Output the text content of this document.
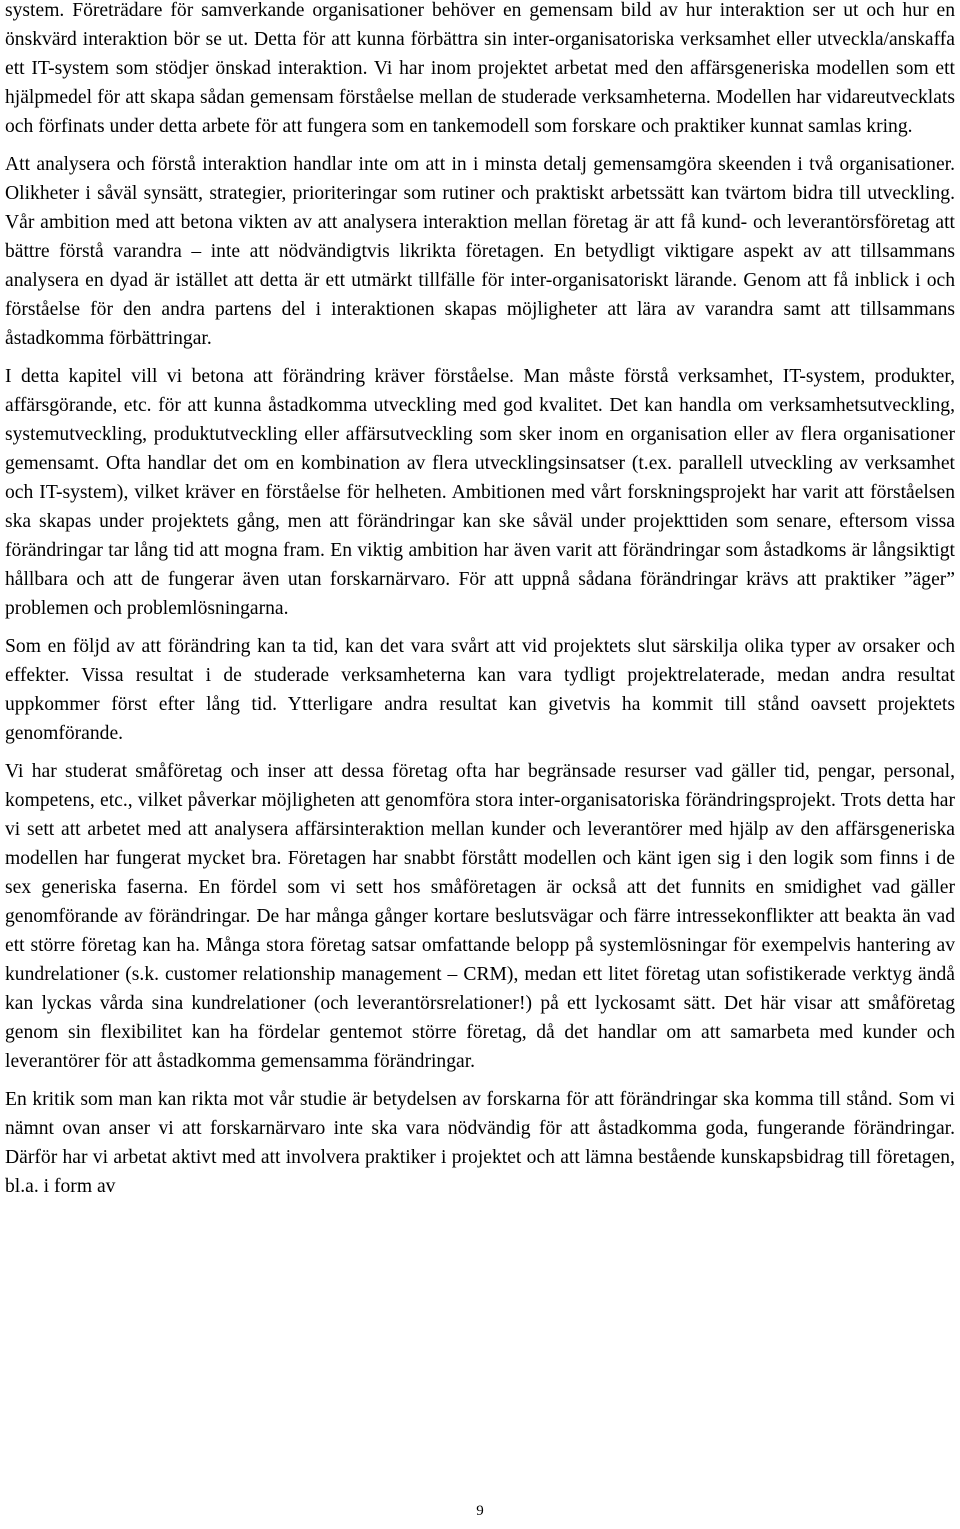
system. Företrädare för samverkande organisationer behöver en gemensam bild av hur interaktion ser ut och hur en önskvärd interaktion bör se ut. Detta för att kunna förbättra sin inter-organisatoriska verksamhet eller utveckla/anskaffa ett IT-system som stödjer önskad interaktion. Vi har inom projektet arbetat med den affärsgeneriska modellen som ett hjälpmedel för att skapa sådan gemensam förståelse mellan de studerade verksamheterna. Modellen har vidareutvecklats och förfinats under detta arbete för att fungera som en tankemodell som forskare och praktiker kunnat samlas kring.

Att analysera och förstå interaktion handlar inte om att in i minsta detalj gemensamgöra skeenden i två organisationer. Olikheter i såväl synsätt, strategier, prioriteringar som rutiner och praktiskt arbetssätt kan tvärtom bidra till utveckling. Vår ambition med att betona vikten av att analysera interaktion mellan företag är att få kund- och leverantörsföretag att bättre förstå varandra – inte att nödvändigtvis likrikta företagen. En betydligt viktigare aspekt av att tillsammans analysera en dyad är istället att detta är ett utmärkt tillfälle för inter-organisatoriskt lärande. Genom att få inblick i och förståelse för den andra partens del i interaktionen skapas möjligheter att lära av varandra samt att tillsammans åstadkomma förbättringar.

I detta kapitel vill vi betona att förändring kräver förståelse. Man måste förstå verksamhet, IT-system, produkter, affärsgörande, etc. för att kunna åstadkomma utveckling med god kvalitet. Det kan handla om verksamhetsutveckling, systemutveckling, produktutveckling eller affärsutveckling som sker inom en organisation eller av flera organisationer gemensamt. Ofta handlar det om en kombination av flera utvecklingsinsatser (t.ex. parallell utveckling av verksamhet och IT-system), vilket kräver en förståelse för helheten. Ambitionen med vårt forskningsprojekt har varit att förståelsen ska skapas under projektets gång, men att förändringar kan ske såväl under projekttiden som senare, eftersom vissa förändringar tar lång tid att mogna fram. En viktig ambition har även varit att förändringar som åstadkoms är långsiktigt hållbara och att de fungerar även utan forskarnärvaro. För att uppnå sådana förändringar krävs att praktiker ”äger” problemen och problemlösningarna.

Som en följd av att förändring kan ta tid, kan det vara svårt att vid projektets slut särskilja olika typer av orsaker och effekter. Vissa resultat i de studerade verksamheterna kan vara tydligt projektrelaterade, medan andra resultat uppkommer först efter lång tid. Ytterligare andra resultat kan givetvis ha kommit till stånd oavsett projektets genomförande.

Vi har studerat småföretag och inser att dessa företag ofta har begränsade resurser vad gäller tid, pengar, personal, kompetens, etc., vilket påverkar möjligheten att genomföra stora inter-organisatoriska förändringsprojekt. Trots detta har vi sett att arbetet med att analysera affärsinteraktion mellan kunder och leverantörer med hjälp av den affärsgeneriska modellen har fungerat mycket bra. Företagen har snabbt förstått modellen och känt igen sig i den logik som finns i de sex generiska faserna. En fördel som vi sett hos småföretagen är också att det funnits en smidighet vad gäller genomförande av förändringar. De har många gånger kortare beslutsvägar och färre intressekonflikter att beakta än vad ett större företag kan ha. Många stora företag satsar omfattande belopp på systemlösningar för exempelvis hantering av kundrelationer (s.k. customer relationship management – CRM), medan ett litet företag utan sofistikerade verktyg ändå kan lyckas vårda sina kundrelationer (och leverantörsrelationer!) på ett lyckosamt sätt. Det här visar att småföretag genom sin flexibilitet kan ha fördelar gentemot större företag, då det handlar om att samarbeta med kunder och leverantörer för att åstadkomma gemensamma förändringar.

En kritik som man kan rikta mot vår studie är betydelsen av forskarna för att förändringar ska komma till stånd. Som vi nämnt ovan anser vi att forskarnärvaro inte ska vara nödvändig för att åstadkomma goda, fungerande förändringar. Därför har vi arbetat aktivt med att involvera praktiker i projektet och att lämna bestående kunskapsbidrag till företagen, bl.a. i form av

9
